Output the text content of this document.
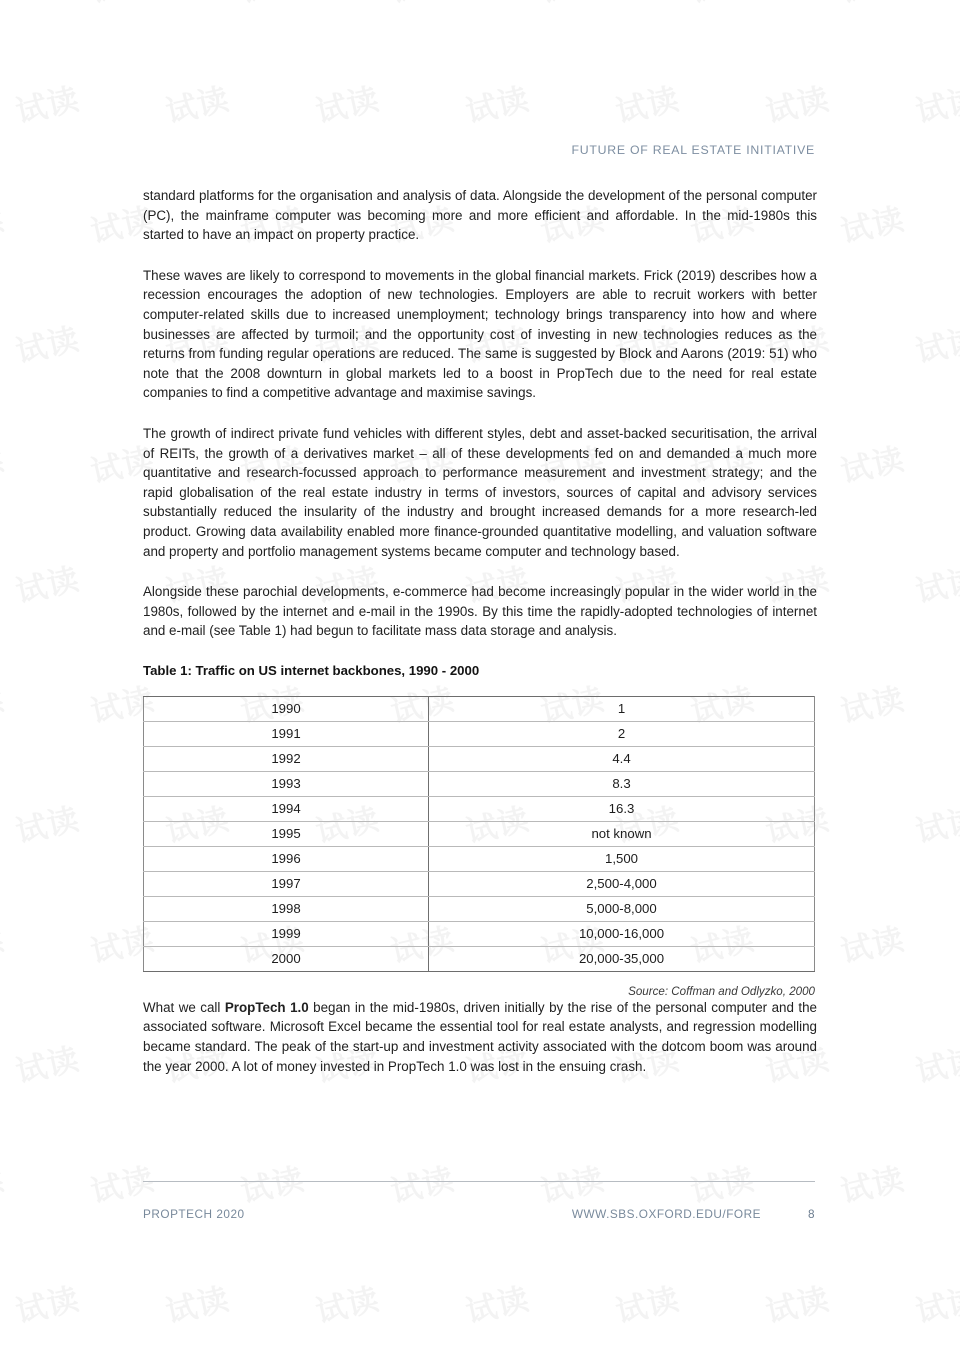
FUTURE OF REAL ESTATE INITIATIVE

standard platforms for the organisation and analysis of data. Alongside the development of the personal computer (PC), the mainframe computer was becoming more and more efficient and affordable. In the mid-1980s this started to have an impact on property practice.

These waves are likely to correspond to movements in the global financial markets. Frick (2019) describes how a recession encourages the adoption of new technologies. Employers are able to recruit workers with better computer-related skills due to increased unemployment; technology brings transparency into how and where businesses are affected by turmoil; and the opportunity cost of investing in new technologies reduces as the returns from funding regular operations are reduced. The same is suggested by Block and Aarons (2019: 51) who note that the 2008 downturn in global markets led to a boost in PropTech due to the need for real estate companies to find a competitive advantage and maximise savings.

The growth of indirect private fund vehicles with different styles, debt and asset-backed securitisation, the arrival of REITs, the growth of a derivatives market – all of these developments fed on and demanded a much more quantitative and research-focussed approach to performance measurement and investment strategy; and the rapid globalisation of the real estate industry in terms of investors, sources of capital and advisory services substantially reduced the insularity of the industry and brought increased demands for a more research-led product. Growing data availability enabled more finance-grounded quantitative modelling, and valuation software and property and portfolio management systems became computer and technology based.

Alongside these parochial developments, e-commerce had become increasingly popular in the wider world in the 1980s, followed by the internet and e-mail in the 1990s. By this time the rapidly-adopted technologies of internet and e-mail (see Table 1) had begun to facilitate mass data storage and analysis.

Table 1: Traffic on US internet backbones, 1990 - 2000
1990	1
1991	2
1992	4.4
1993	8.3
1994	16.3
1995	not known
1996	1,500
1997	2,500-4,000
1998	5,000-8,000
1999	10,000-16,000
2000	20,000-35,000
Source: Coffman and Odlyzko, 2000

What we call PropTech 1.0 began in the mid-1980s, driven initially by the rise of the personal computer and the associated software. Microsoft Excel became the essential tool for real estate analysts, and regression modelling became standard. The peak of the start-up and investment activity associated with the dotcom boom was around the year 2000. A lot of money invested in PropTech 1.0 was lost in the ensuing crash.

PROPTECH 2020	WWW.SBS.OXFORD.EDU/FORE	8
